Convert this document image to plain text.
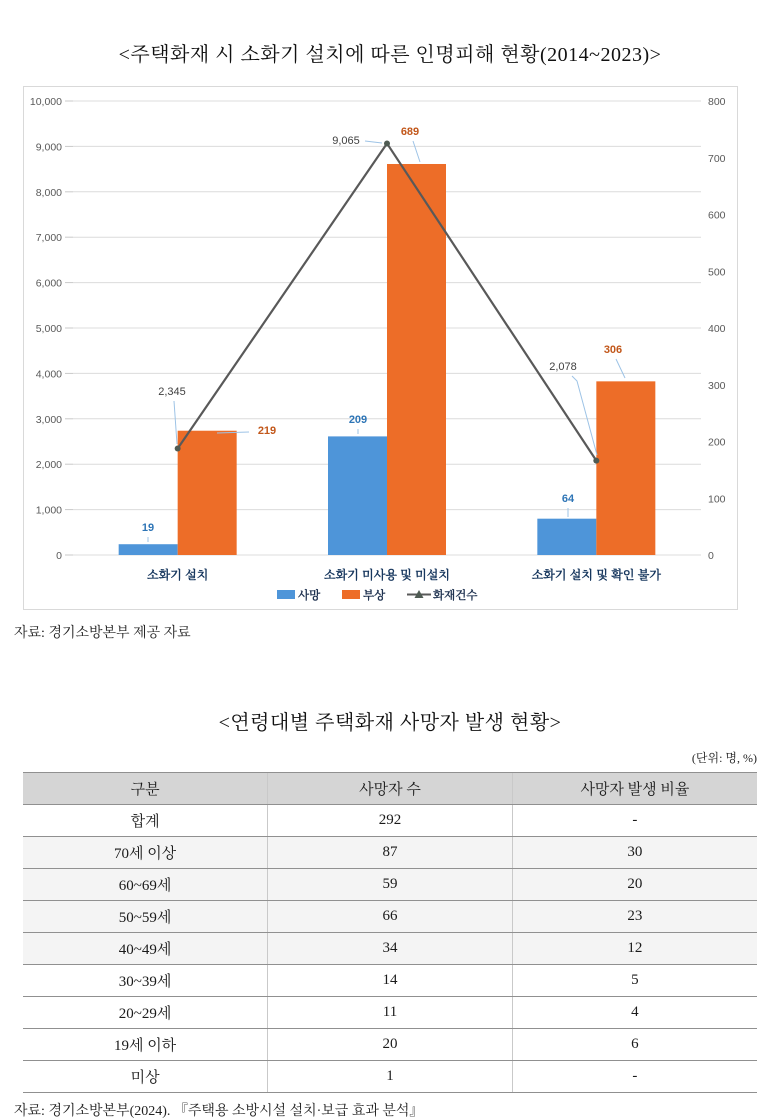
<주택화재 시 소화기 설치에 따른 인명피해 현황(2014~2023)>
0
1,000
2,000
3,000
4,000
5,000
6,000
7,000
8,000
9,000
10,000
0
100
200
300
400
500
600
700
800
2,345
9,065
2,078
19
209
64
219
689
306
소화기 설치	소화기 미사용 및 미설치	소화기 설치 및 확인 불가
사망	부상	화재건수

자료: 경기소방본부 제공 자료

<연령대별 주택화재 사망자 발생 현황>
(단위: 명, %)
구분	사망자 수	사망자 발생 비율
합계	292	-
70세 이상	87	30
60~69세	59	20
50~59세	66	23
40~49세	34	12
30~39세	14	5
20~29세	11	4
19세 이하	20	6
미상	1	-

자료: 경기소방본부(2024). 『주택용 소방시설 설치·보급 효과 분석』
